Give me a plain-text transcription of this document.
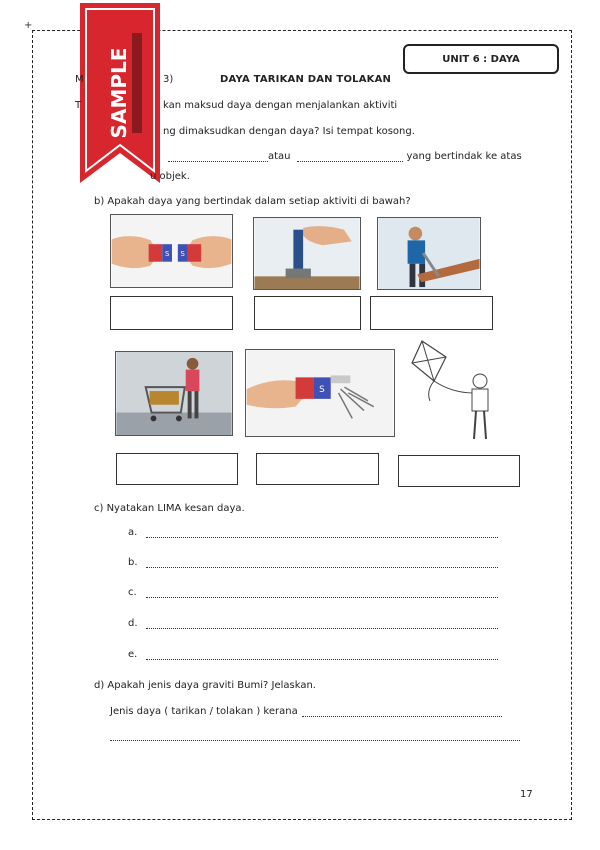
+
UNIT 6 : DAYA
SAMPLE
M	3)	DAYA TARIKAN DAN TOLAKAN
T	kan maksud daya dengan menjalankan aktiviti
ng dimaksudkan dengan daya? Isi tempat kosong.
atau	yang bertindak ke atas
u objek.
b) Apakah daya yang bertindak dalam setiap aktiviti di bawah?
S S
S
c) Nyatakan LIMA kesan daya.
a.
b.
c.
d.
e.
d) Apakah jenis daya graviti Bumi? Jelaskan.
Jenis daya ( tarikan / tolakan ) kerana
17
